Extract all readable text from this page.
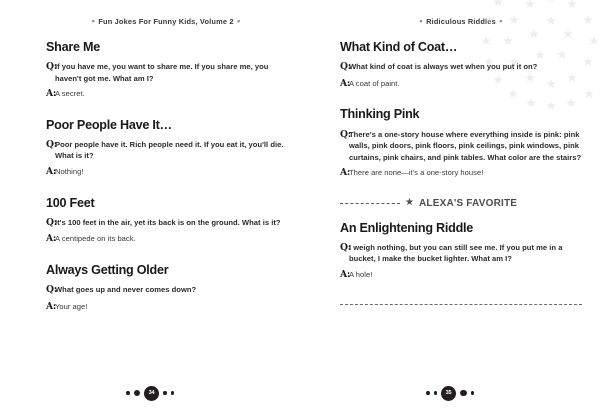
● Fun Jokes For Funny Kids, Volume 2 ●
Share Me
Q:
If you have me, you want to share me. If you share me, you haven't got me. What am I?
A: A secret.
Poor People Have It…
Q:
Poor people have it. Rich people need it. If you eat it, you'll die. What is it?
A: Nothing!
100 Feet
Q:
It's 100 feet in the air, yet its back is on the ground. What is it?
A: A centipede on its back.
Always Getting Older
Q:
What goes up and never comes down?
A: Your age!
34
● Ridiculous Riddles ●
What Kind of Coat…
Q:
What kind of coat is always wet when you put it on?
A: A coat of paint.
Thinking Pink
Q:
There's a one-story house where everything inside is pink: pink walls, pink doors, pink floors, pink ceilings, pink windows, pink curtains, pink chairs, and pink tables. What color are the stairs?
A: There are none—it's a one-story house!
★ ALEXA'S FAVORITE
An Enlightening Riddle
Q:
I weigh nothing, but you can still see me. If you put me in a bucket, I make the bucket lighter. What am I?
A: A hole!
35
